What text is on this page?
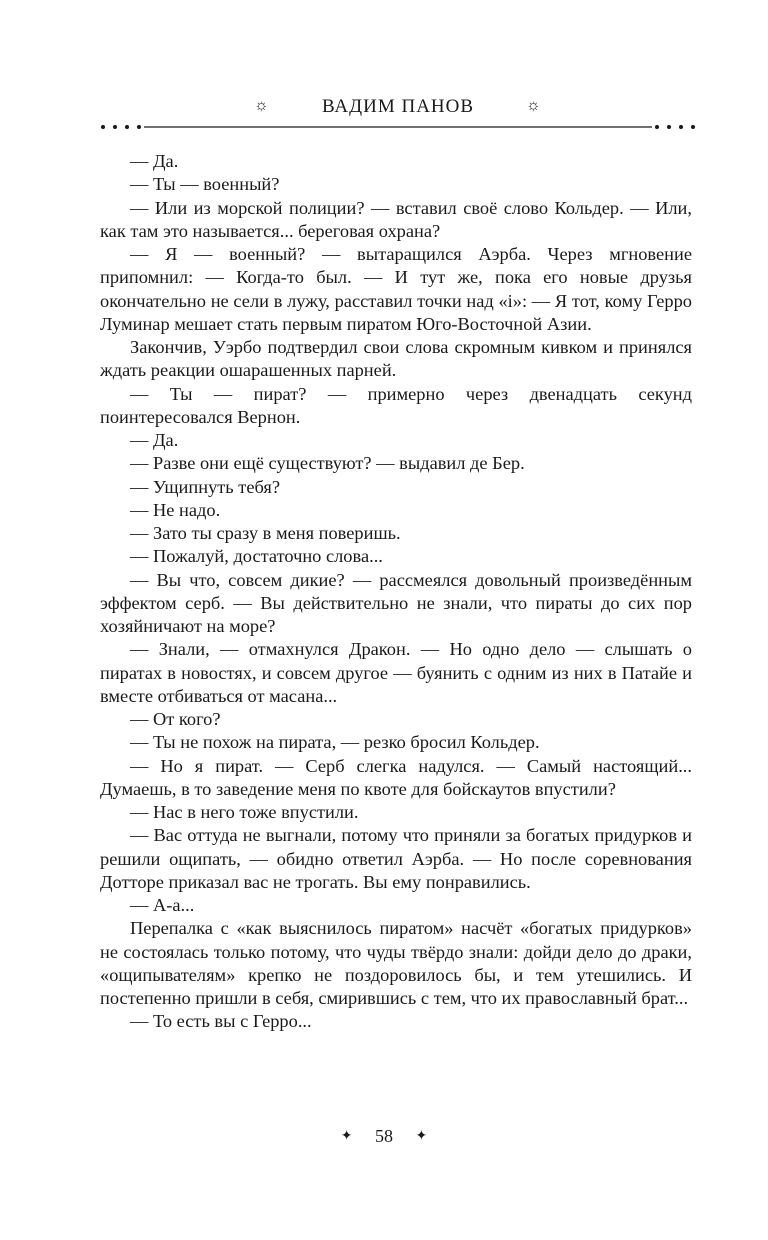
☼	ВАДИМ ПАНОВ	☼

— Да.

— Ты — военный?

— Или из морской полиции? — вставил своё слово Кольдер. — Или, как там это называется... береговая охрана?

— Я — военный? — вытаращился Аэрба. Через мгновение припомнил: — Когда-то был. — И тут же, пока его новые друзья окончательно не сели в лужу, расставил точки над «i»: — Я тот, кому Герро Луминар мешает стать первым пиратом Юго-Восточной Азии.

Закончив, Уэрбо подтвердил свои слова скромным кивком и принялся ждать реакции ошарашенных парней.

— Ты — пират? — примерно через двенадцать секунд поинтересовался Вернон.

— Да.

— Разве они ещё существуют? — выдавил де Бер.

— Ущипнуть тебя?

— Не надо.

— Зато ты сразу в меня поверишь.

— Пожалуй, достаточно слова...

— Вы что, совсем дикие? — рассмеялся довольный произведённым эффектом серб. — Вы действительно не знали, что пираты до сих пор хозяйничают на море?

— Знали, — отмахнулся Дракон. — Но одно дело — слышать о пиратах в новостях, и совсем другое — буянить с одним из них в Патайе и вместе отбиваться от масана...

— От кого?

— Ты не похож на пирата, — резко бросил Кольдер.

— Но я пират. — Серб слегка надулся. — Самый настоящий... Думаешь, в то заведение меня по квоте для бойскаутов впустили?

— Нас в него тоже впустили.

— Вас оттуда не выгнали, потому что приняли за богатых придурков и решили ощипать, — обидно ответил Аэрба. — Но после соревнования Дотторе приказал вас не трогать. Вы ему понравились.

— А-а...

Перепалка с «как выяснилось пиратом» насчёт «богатых придурков» не состоялась только потому, что чуды твёрдо знали: дойди дело до драки, «ощипывателям» крепко не поздоровилось бы, и тем утешились. И постепенно пришли в себя, смирившись с тем, что их православный брат...

— То есть вы с Герро...

✦ 58 ✦
